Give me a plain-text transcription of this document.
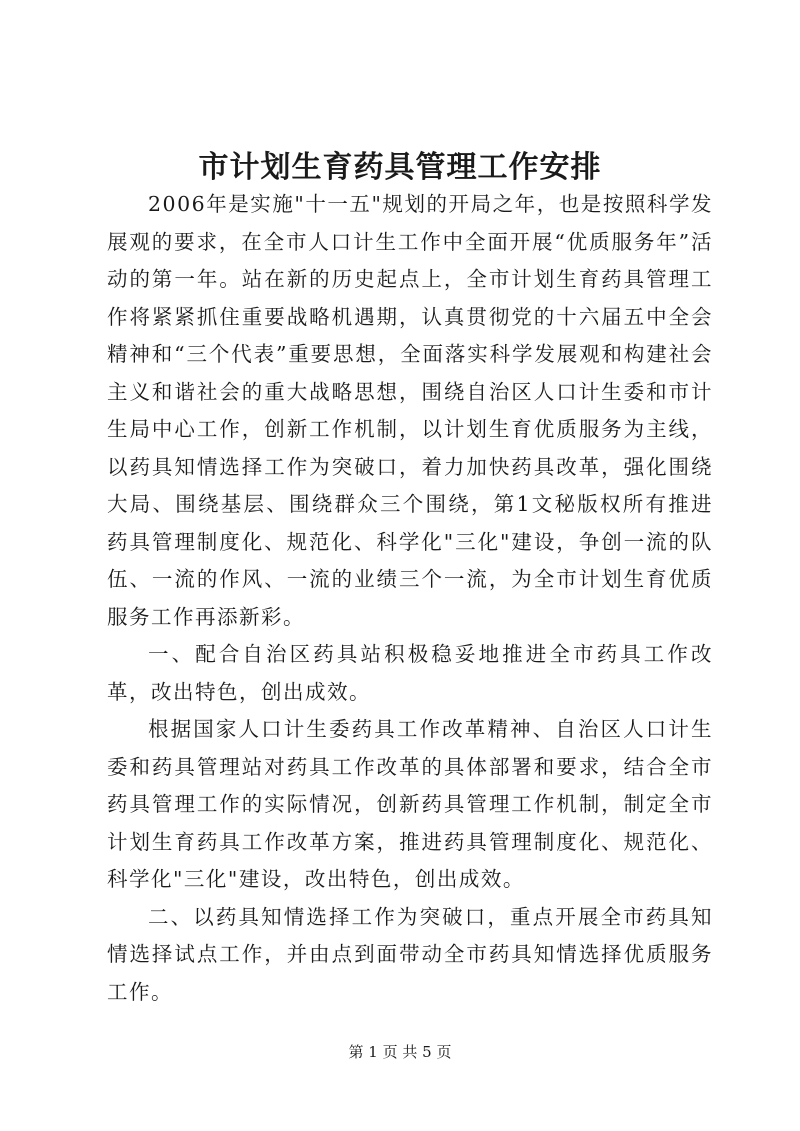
市计划生育药具管理工作安排

2006年是实施"十一五"规划的开局之年，也是按照科学发展观的要求，在全市人口计生工作中全面开展“优质服务年”活动的第一年。站在新的历史起点上，全市计划生育药具管理工作将紧紧抓住重要战略机遇期，认真贯彻党的十六届五中全会精神和“三个代表”重要思想，全面落实科学发展观和构建社会主义和谐社会的重大战略思想，围绕自治区人口计生委和市计生局中心工作，创新工作机制，以计划生育优质服务为主线，以药具知情选择工作为突破口，着力加快药具改革，强化围绕大局、围绕基层、围绕群众三个围绕，第1文秘版权所有推进药具管理制度化、规范化、科学化"三化"建设，争创一流的队伍、一流的作风、一流的业绩三个一流，为全市计划生育优质服务工作再添新彩。

一、配合自治区药具站积极稳妥地推进全市药具工作改革，改出特色，创出成效。

根据国家人口计生委药具工作改革精神、自治区人口计生委和药具管理站对药具工作改革的具体部署和要求，结合全市药具管理工作的实际情况，创新药具管理工作机制，制定全市计划生育药具工作改革方案，推进药具管理制度化、规范化、科学化"三化"建设，改出特色，创出成效。

二、以药具知情选择工作为突破口，重点开展全市药具知情选择试点工作，并由点到面带动全市药具知情选择优质服务工作。

第 1 页 共 5 页
